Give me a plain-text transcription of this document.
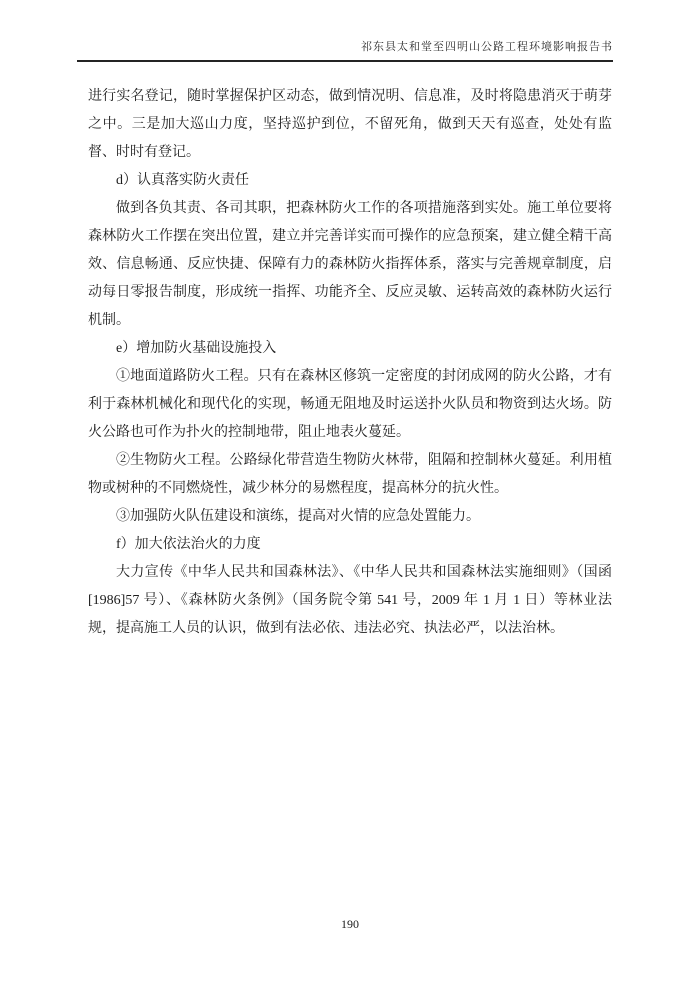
祁东县太和堂至四明山公路工程环境影响报告书

进行实名登记，随时掌握保护区动态，做到情况明、信息准，及时将隐患消灭于萌芽之中。三是加大巡山力度，坚持巡护到位，不留死角，做到天天有巡查，处处有监督、时时有登记。

d）认真落实防火责任

做到各负其责、各司其职，把森林防火工作的各项措施落到实处。施工单位要将森林防火工作摆在突出位置，建立并完善详实而可操作的应急预案，建立健全精干高效、信息畅通、反应快捷、保障有力的森林防火指挥体系，落实与完善规章制度，启动每日零报告制度，形成统一指挥、功能齐全、反应灵敏、运转高效的森林防火运行机制。

e）增加防火基础设施投入

①地面道路防火工程。只有在森林区修筑一定密度的封闭成网的防火公路，才有利于森林机械化和现代化的实现，畅通无阻地及时运送扑火队员和物资到达火场。防火公路也可作为扑火的控制地带，阻止地表火蔓延。

②生物防火工程。公路绿化带营造生物防火林带，阻隔和控制林火蔓延。利用植物或树种的不同燃烧性，减少林分的易燃程度，提高林分的抗火性。

③加强防火队伍建设和演练，提高对火情的应急处置能力。

f）加大依法治火的力度

大力宣传《中华人民共和国森林法》、《中华人民共和国森林法实施细则》（国函[1986]57 号）、《森林防火条例》（国务院令第 541 号，2009 年 1 月 1 日）等林业法规，提高施工人员的认识，做到有法必依、违法必究、执法必严，以法治林。

190
